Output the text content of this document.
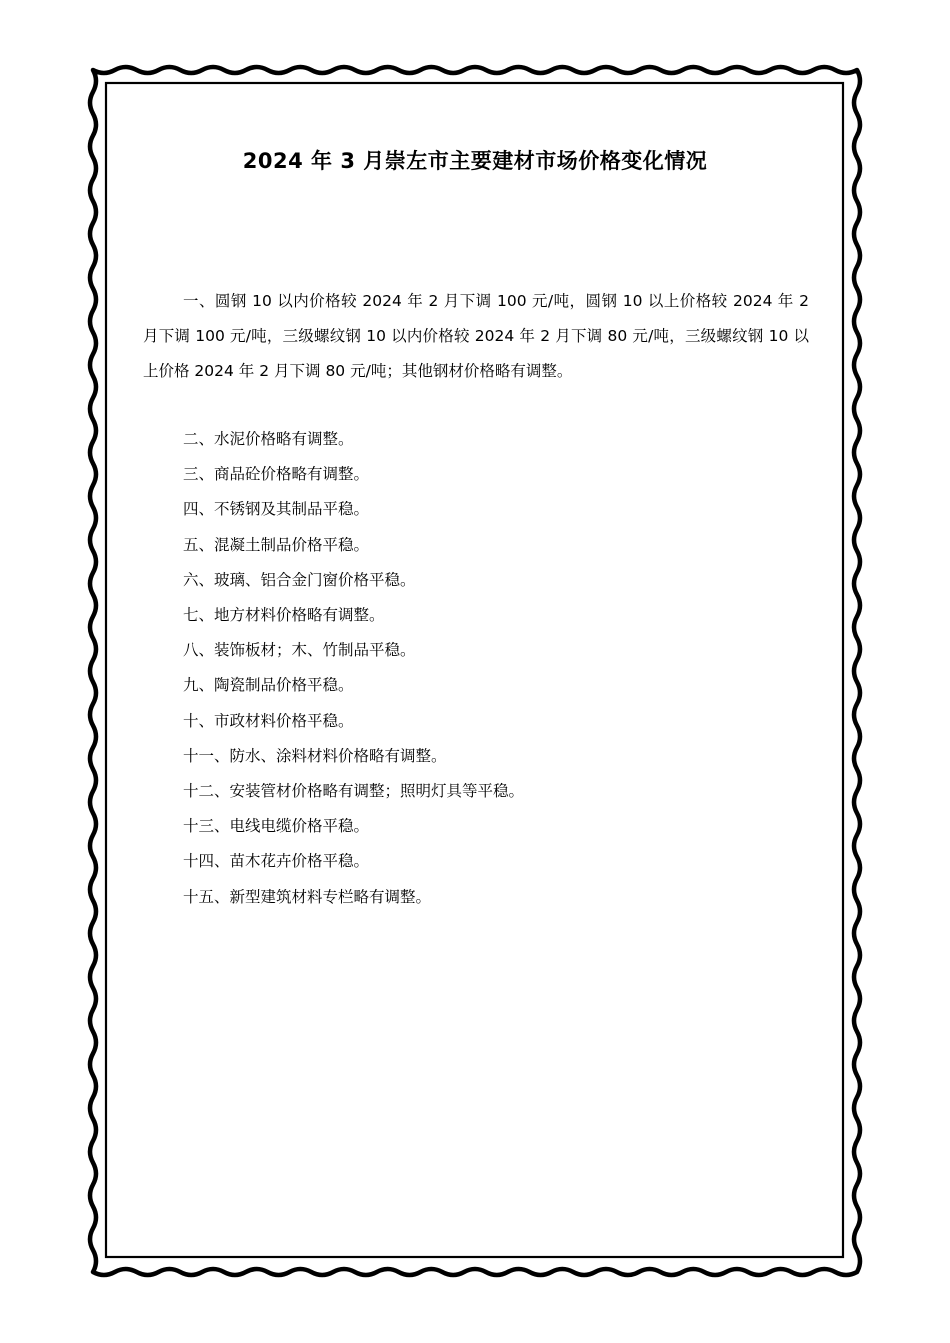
2024 年 3 月崇左市主要建材市场价格变化情况

一、圆钢 10 以内价格较 2024 年 2 月下调 100 元/吨，圆钢 10 以上价格较 2024 年 2 月下调 100 元/吨，三级螺纹钢 10 以内价格较 2024 年 2 月下调 80 元/吨，三级螺纹钢 10 以上价格 2024 年 2 月下调 80 元/吨；其他钢材价格略有调整。

二、水泥价格略有调整。
三、商品砼价格略有调整。
四、不锈钢及其制品平稳。
五、混凝土制品价格平稳。
六、玻璃、铝合金门窗价格平稳。
七、地方材料价格略有调整。
八、装饰板材；木、竹制品平稳。
九、陶瓷制品价格平稳。
十、市政材料价格平稳。
十一、防水、涂料材料价格略有调整。
十二、安装管材价格略有调整；照明灯具等平稳。
十三、电线电缆价格平稳。
十四、苗木花卉价格平稳。
十五、新型建筑材料专栏略有调整。
